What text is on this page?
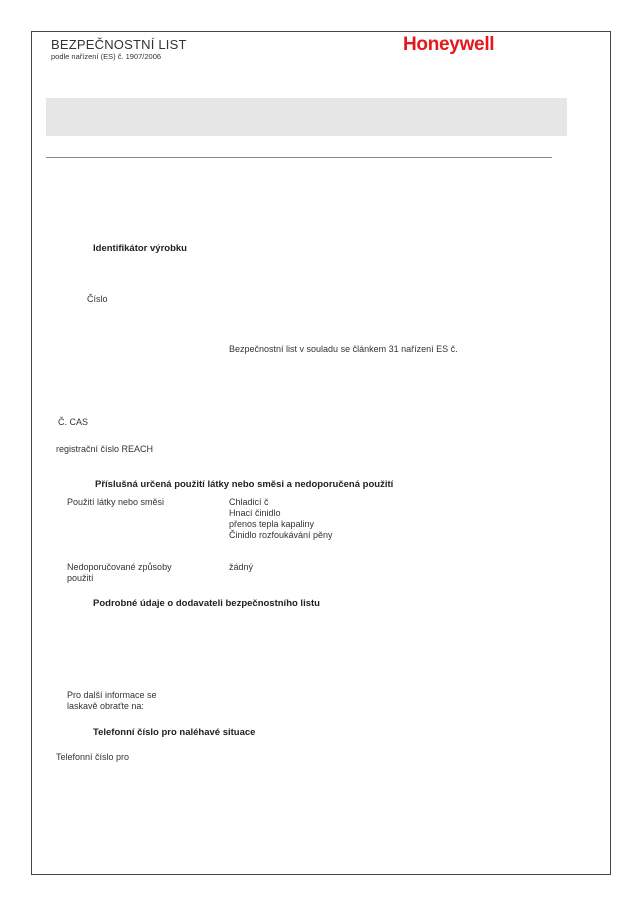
BEZPEČNOSTNÍ LIST
podle nařízení (ES) č. 1907/2006
Honeywell
Identifikátor výrobku
Číslo
Bezpečnostní list v souladu se článkem 31 nařízení ES č.
Č. CAS
registrační číslo REACH
Příslušná určená použití látky nebo směsi a nedoporučená použití
Použití látky nebo směsi	Chladicí č
Hnací činidlo
přenos tepla kapaliny
Činidlo rozfoukávání pěny
Nedoporučované způsoby
použití
žádný
Podrobné údaje o dodavateli bezpečnostního listu
Pro další informace se
laskavě obraťte na:
Telefonní číslo pro naléhavé situace
Telefonní číslo pro
